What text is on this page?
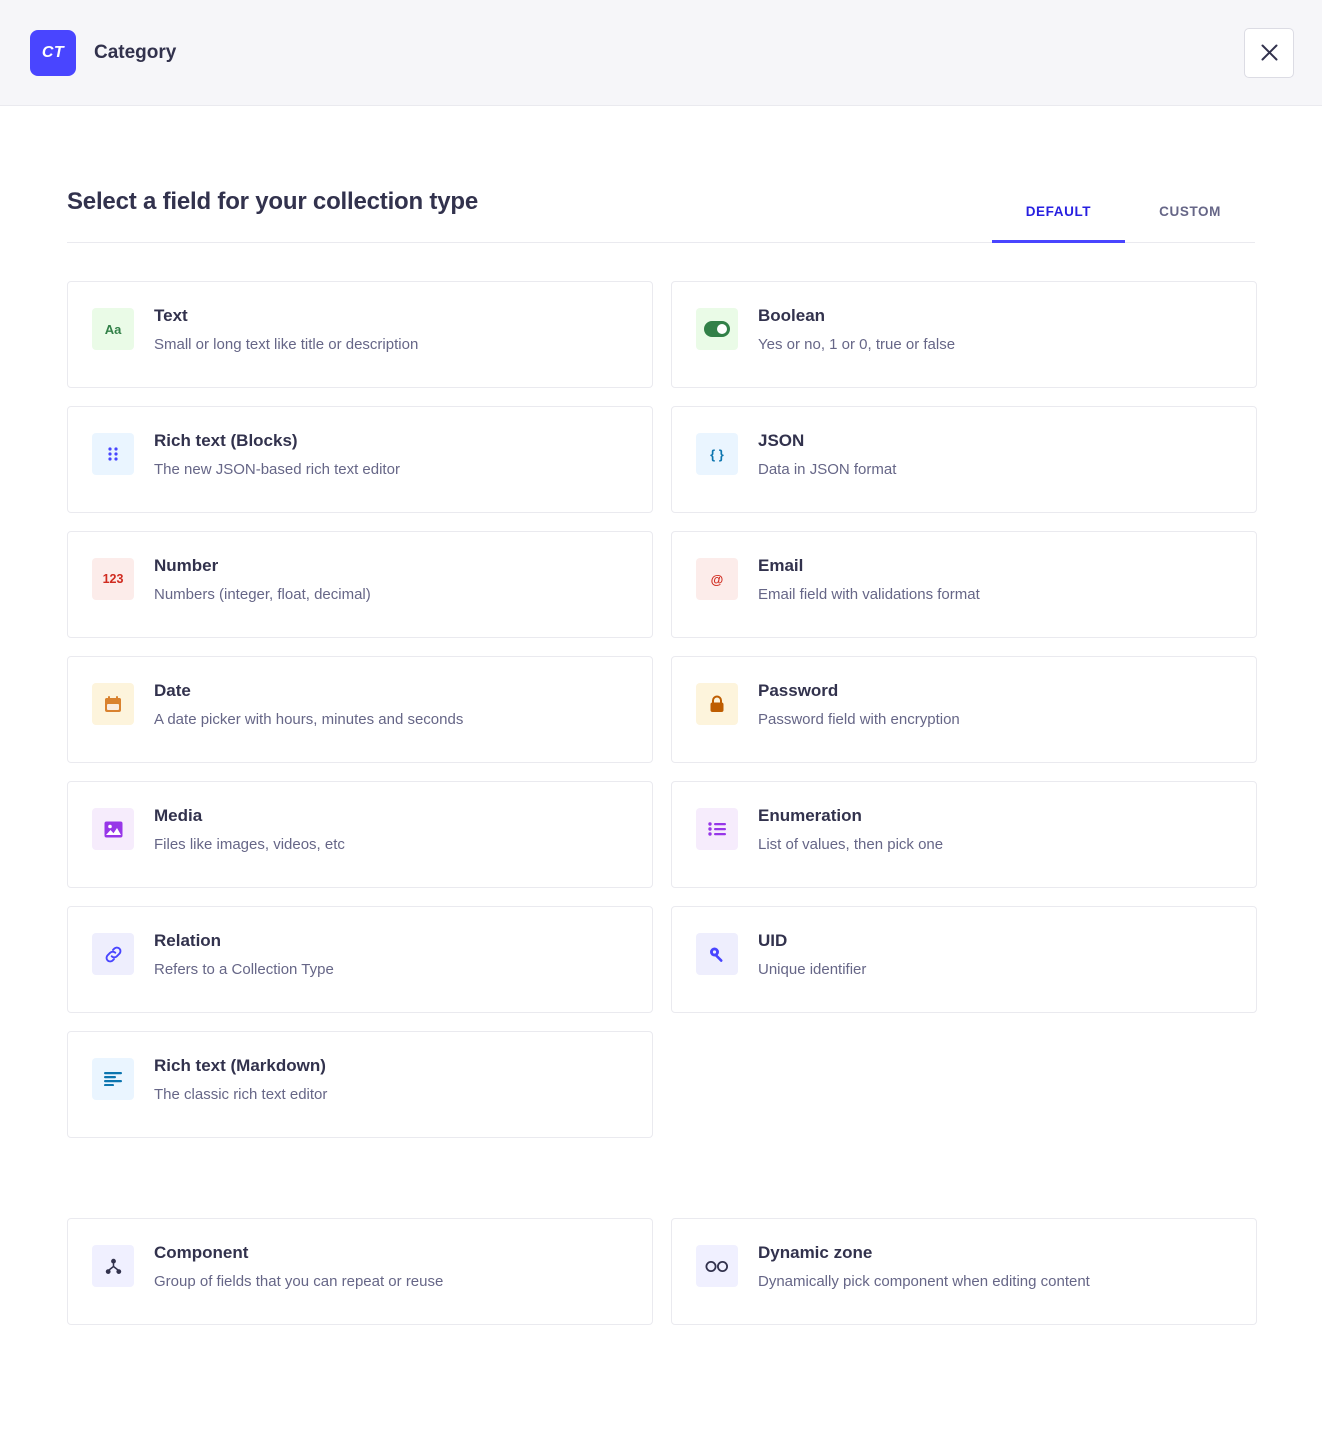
CT	Category
Select a field for your collection type	DEFAULT	CUSTOM
Aa
Text
Small or long text like title or description
Boolean
Yes or no, 1 or 0, true or false
Rich text (Blocks)
The new JSON-based rich text editor
{ }
JSON
Data in JSON format
123
Number
Numbers (integer, float, decimal)
@
Email
Email field with validations format
Date
A date picker with hours, minutes and seconds
Password
Password field with encryption
Media
Files like images, videos, etc
Enumeration
List of values, then pick one
Relation
Refers to a Collection Type
UID
Unique identifier
Rich text (Markdown)
The classic rich text editor
Component
Group of fields that you can repeat or reuse
Dynamic zone
Dynamically pick component when editing content
